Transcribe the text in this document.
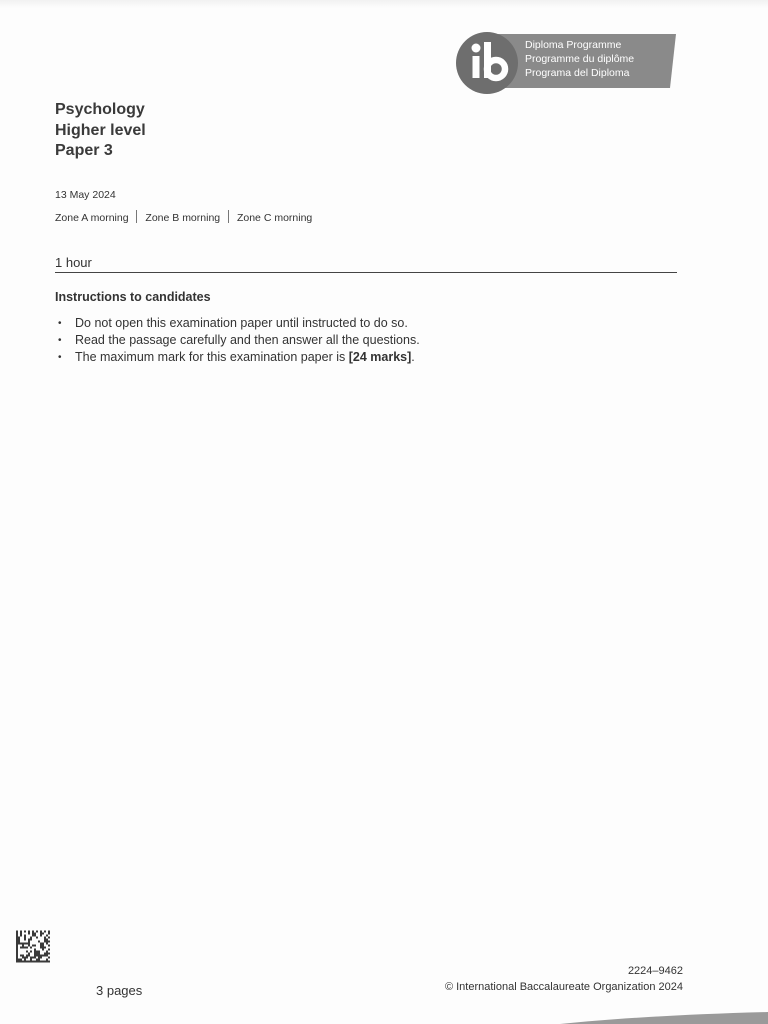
Diploma Programme
Programme du diplôme
Programa del Diploma
Psychology
Higher level
Paper 3
13 May 2024
Zone A morning Zone B morning Zone C morning
1 hour
Instructions to candidates
• Do not open this examination paper until instructed to do so.
• Read the passage carefully and then answer all the questions.
• The maximum mark for this examination paper is [24 marks].
3 pages
2224–9462
© International Baccalaureate Organization 2024
